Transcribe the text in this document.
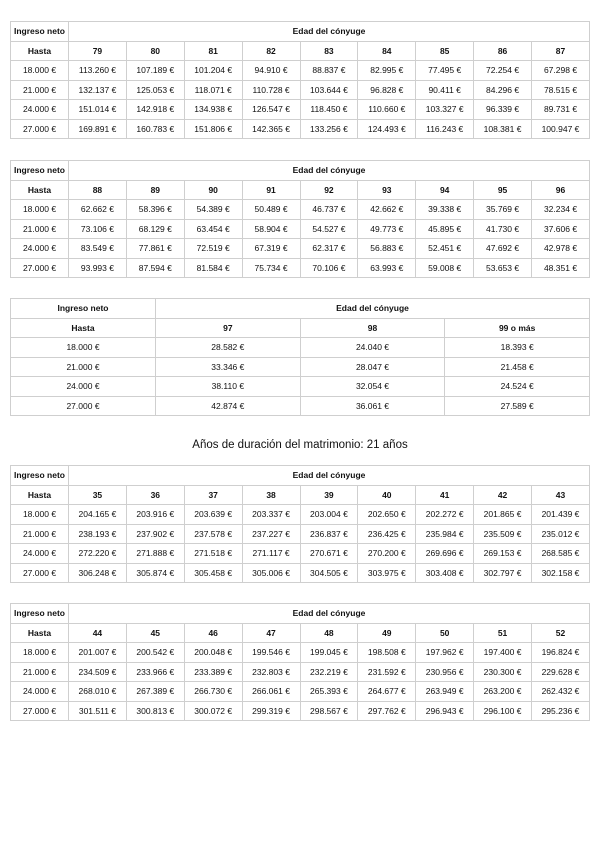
Ingreso neto	Edad del cónyuge								
Hasta	79	80	81	82	83	84	85	86	87
18.000 €	113.260 €	107.189 €	101.204 €	94.910 €	88.837 €	82.995 €	77.495 €	72.254 €	67.298 €
21.000 €	132.137 €	125.053 €	118.071 €	110.728 €	103.644 €	96.828 €	90.411 €	84.296 €	78.515 €
24.000 €	151.014 €	142.918 €	134.938 €	126.547 €	118.450 €	110.660 €	103.327 €	96.339 €	89.731 €
27.000 €	169.891 €	160.783 €	151.806 €	142.365 €	133.256 €	124.493 €	116.243 €	108.381 €	100.947 €
Ingreso neto	Edad del cónyuge								
Hasta	88	89	90	91	92	93	94	95	96
18.000 €	62.662 €	58.396 €	54.389 €	50.489 €	46.737 €	42.662 €	39.338 €	35.769 €	32.234 €
21.000 €	73.106 €	68.129 €	63.454 €	58.904 €	54.527 €	49.773 €	45.895 €	41.730 €	37.606 €
24.000 €	83.549 €	77.861 €	72.519 €	67.319 €	62.317 €	56.883 €	52.451 €	47.692 €	42.978 €
27.000 €	93.993 €	87.594 €	81.584 €	75.734 €	70.106 €	63.993 €	59.008 €	53.653 €	48.351 €
Ingreso neto	Edad del cónyuge		
Hasta	97	98	99 o más
18.000 €	28.582 €	24.040 €	18.393 €
21.000 €	33.346 €	28.047 €	21.458 €
24.000 €	38.110 €	32.054 €	24.524 €
27.000 €	42.874 €	36.061 €	27.589 €

Años de duración del matrimonio: 21 años

Ingreso neto	Edad del cónyuge								
Hasta	35	36	37	38	39	40	41	42	43
18.000 €	204.165 €	203.916 €	203.639 €	203.337 €	203.004 €	202.650 €	202.272 €	201.865 €	201.439 €
21.000 €	238.193 €	237.902 €	237.578 €	237.227 €	236.837 €	236.425 €	235.984 €	235.509 €	235.012 €
24.000 €	272.220 €	271.888 €	271.518 €	271.117 €	270.671 €	270.200 €	269.696 €	269.153 €	268.585 €
27.000 €	306.248 €	305.874 €	305.458 €	305.006 €	304.505 €	303.975 €	303.408 €	302.797 €	302.158 €
Ingreso neto	Edad del cónyuge								
Hasta	44	45	46	47	48	49	50	51	52
18.000 €	201.007 €	200.542 €	200.048 €	199.546 €	199.045 €	198.508 €	197.962 €	197.400 €	196.824 €
21.000 €	234.509 €	233.966 €	233.389 €	232.803 €	232.219 €	231.592 €	230.956 €	230.300 €	229.628 €
24.000 €	268.010 €	267.389 €	266.730 €	266.061 €	265.393 €	264.677 €	263.949 €	263.200 €	262.432 €
27.000 €	301.511 €	300.813 €	300.072 €	299.319 €	298.567 €	297.762 €	296.943 €	296.100 €	295.236 €
